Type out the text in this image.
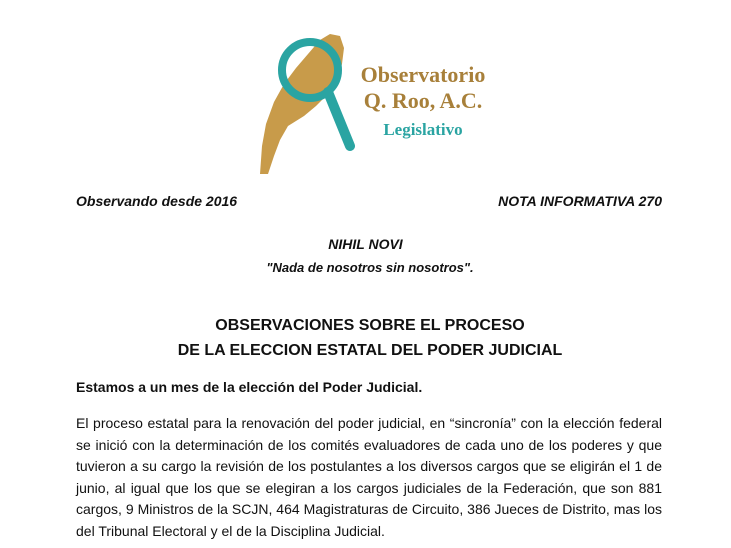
Observatorio
Q. Roo, A.C.
Legislativo
Observando desde 2016	NOTA INFORMATIVA 270
NIHIL NOVI
"Nada de nosotros sin nosotros".
OBSERVACIONES SOBRE EL PROCESO
DE LA ELECCION ESTATAL DEL PODER JUDICIAL
Estamos a un mes de la elección del Poder Judicial.
El proceso estatal para la renovación del poder judicial, en “sincronía” con la elección federal se inició con la determinación de los comités evaluadores de cada uno de los poderes y que tuvieron a su cargo la revisión de los postulantes a los diversos cargos que se eligirán el 1 de junio, al igual que los que se elegiran a los cargos judiciales de la Federación, que son 881 cargos, 9 Ministros de la SCJN, 464 Magistraturas de Circuito, 386 Jueces de Distrito, mas los del Tribunal Electoral y el de la Disciplina Judicial.
